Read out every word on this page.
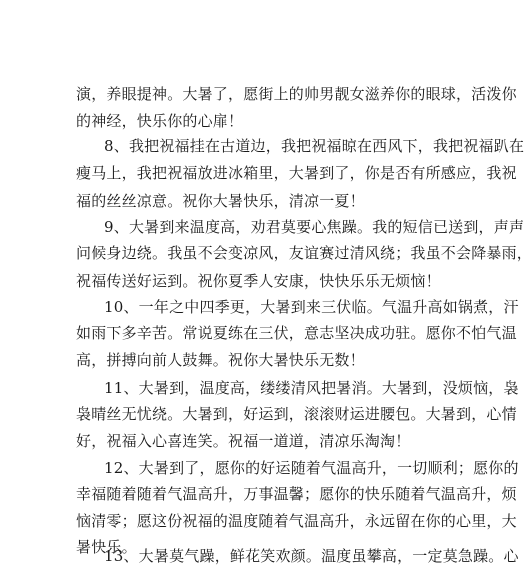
演，养眼提神。大暑了，愿街上的帅男靓女滋养你的眼球，活泼你
的神经，快乐你的心扉！
8、我把祝福挂在古道边，我把祝福晾在西风下，我把祝福趴在
瘦马上，我把祝福放进冰箱里，大暑到了，你是否有所感应，我祝
福的丝丝凉意。祝你大暑快乐，清凉一夏！
9、大暑到来温度高，劝君莫要心焦躁。我的短信已送到，声声
问候身边绕。我虽不会变凉风，友谊赛过清风绕；我虽不会降暴雨，
祝福传送好运到。祝你夏季人安康，快快乐乐无烦恼！
10、一年之中四季更，大暑到来三伏临。气温升高如锅煮，汗
如雨下多辛苦。常说夏练在三伏，意志坚决成功驻。愿你不怕气温
高，拼搏向前人鼓舞。祝你大暑快乐无数！
11、大暑到，温度高，缕缕清风把暑消。大暑到，没烦恼，袅
袅晴丝无忧绕。大暑到，好运到，滚滚财运进腰包。大暑到，心情
好，祝福入心喜连笑。祝福一道道，清凉乐淘淘！
12、大暑到了，愿你的好运随着气温高升，一切顺利；愿你的
幸福随着随着气温高升，万事温馨；愿你的快乐随着气温高升，烦
恼清零；愿这份祝福的温度随着气温高升，永远留在你的心里，大
暑快乐。
13、大暑莫气躁，鲜花笑欢颜。温度虽攀高，一定莫急躁。心
